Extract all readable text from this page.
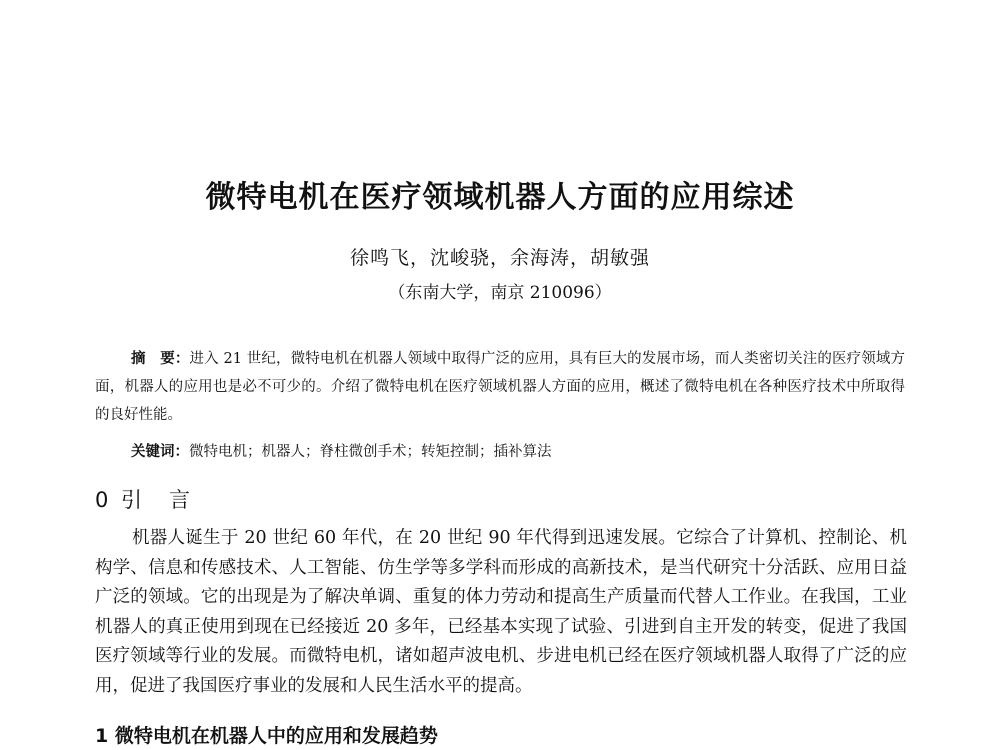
微特电机在医疗领域机器人方面的应用综述
徐鸣飞，沈峻骁，余海涛，胡敏强
（东南大学，南京 210096）
摘　要：进入 21 世纪，微特电机在机器人领域中取得广泛的应用，具有巨大的发展市场，而人类密切关注的医疗领域方面，机器人的应用也是必不可少的。介绍了微特电机在医疗领域机器人方面的应用，概述了微特电机在各种医疗技术中所取得的良好性能。
关键词：微特电机；机器人；脊柱微创手术；转矩控制；插补算法
0 引　言
机器人诞生于 20 世纪 60 年代，在 20 世纪 90 年代得到迅速发展。它综合了计算机、控制论、机构学、信息和传感技术、人工智能、仿生学等多学科而形成的高新技术，是当代研究十分活跃、应用日益广泛的领域。它的出现是为了解决单调、重复的体力劳动和提高生产质量而代替人工作业。在我国，工业机器人的真正使用到现在已经接近 20 多年，已经基本实现了试验、引进到自主开发的转变，促进了我国医疗领域等行业的发展。而微特电机，诸如超声波电机、步进电机已经在医疗领域机器人取得了广泛的应用，促进了我国医疗事业的发展和人民生活水平的提高。
1 微特电机在机器人中的应用和发展趋势
